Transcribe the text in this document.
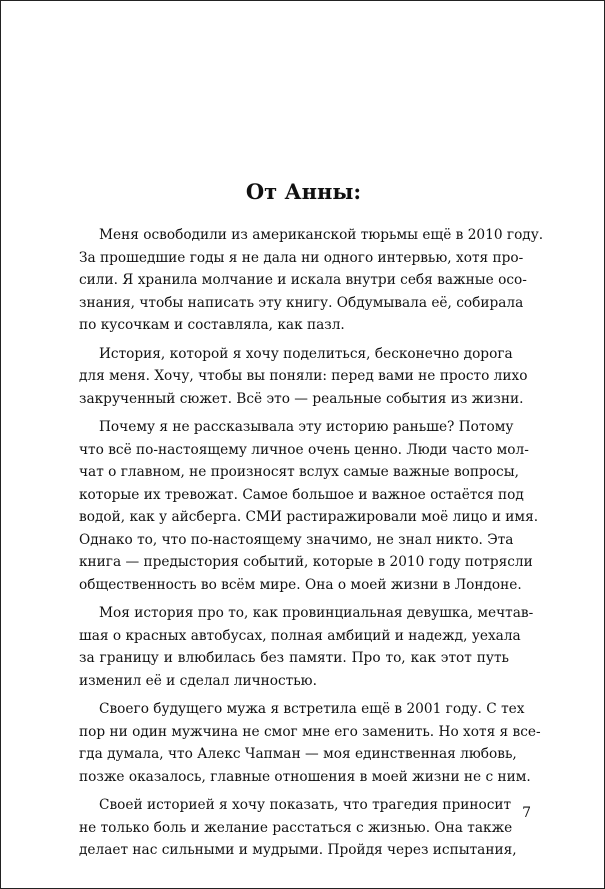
От Анны:
Меня освободили из американской тюрьмы ещё в 2010 году.
За прошедшие годы я не дала ни одного интервью, хотя про-
сили. Я хранила молчание и искала внутри себя важные осо-
знания, чтобы написать эту книгу. Обдумывала её, собирала
по кусочкам и составляла, как пазл.
История, которой я хочу поделиться, бесконечно дорога
для меня. Хочу, чтобы вы поняли: перед вами не просто лихо
закрученный сюжет. Всё это — реальные события из жизни.
Почему я не рассказывала эту историю раньше? Потому
что всё по-настоящему личное очень ценно. Люди часто мол-
чат о главном, не произносят вслух самые важные вопросы,
которые их тревожат. Самое большое и важное остаётся под
водой, как у айсберга. СМИ растиражировали моё лицо и имя.
Однако то, что по-настоящему значимо, не знал никто. Эта
книга — предыстория событий, которые в 2010 году потрясли
общественность во всём мире. Она о моей жизни в Лондоне.
Моя история про то, как провинциальная девушка, мечтав-
шая о красных автобусах, полная амбиций и надежд, уехала
за границу и влюбилась без памяти. Про то, как этот путь
изменил её и сделал личностью.
Своего будущего мужа я встретила ещё в 2001 году. С тех
пор ни один мужчина не смог мне его заменить. Но хотя я все-
гда думала, что Алекс Чапман — моя единственная любовь,
позже оказалось, главные отношения в моей жизни не с ним.
Своей историей я хочу показать, что трагедия приносит
не только боль и желание расстаться с жизнью. Она также
делает нас сильными и мудрыми. Пройдя через испытания,
7
